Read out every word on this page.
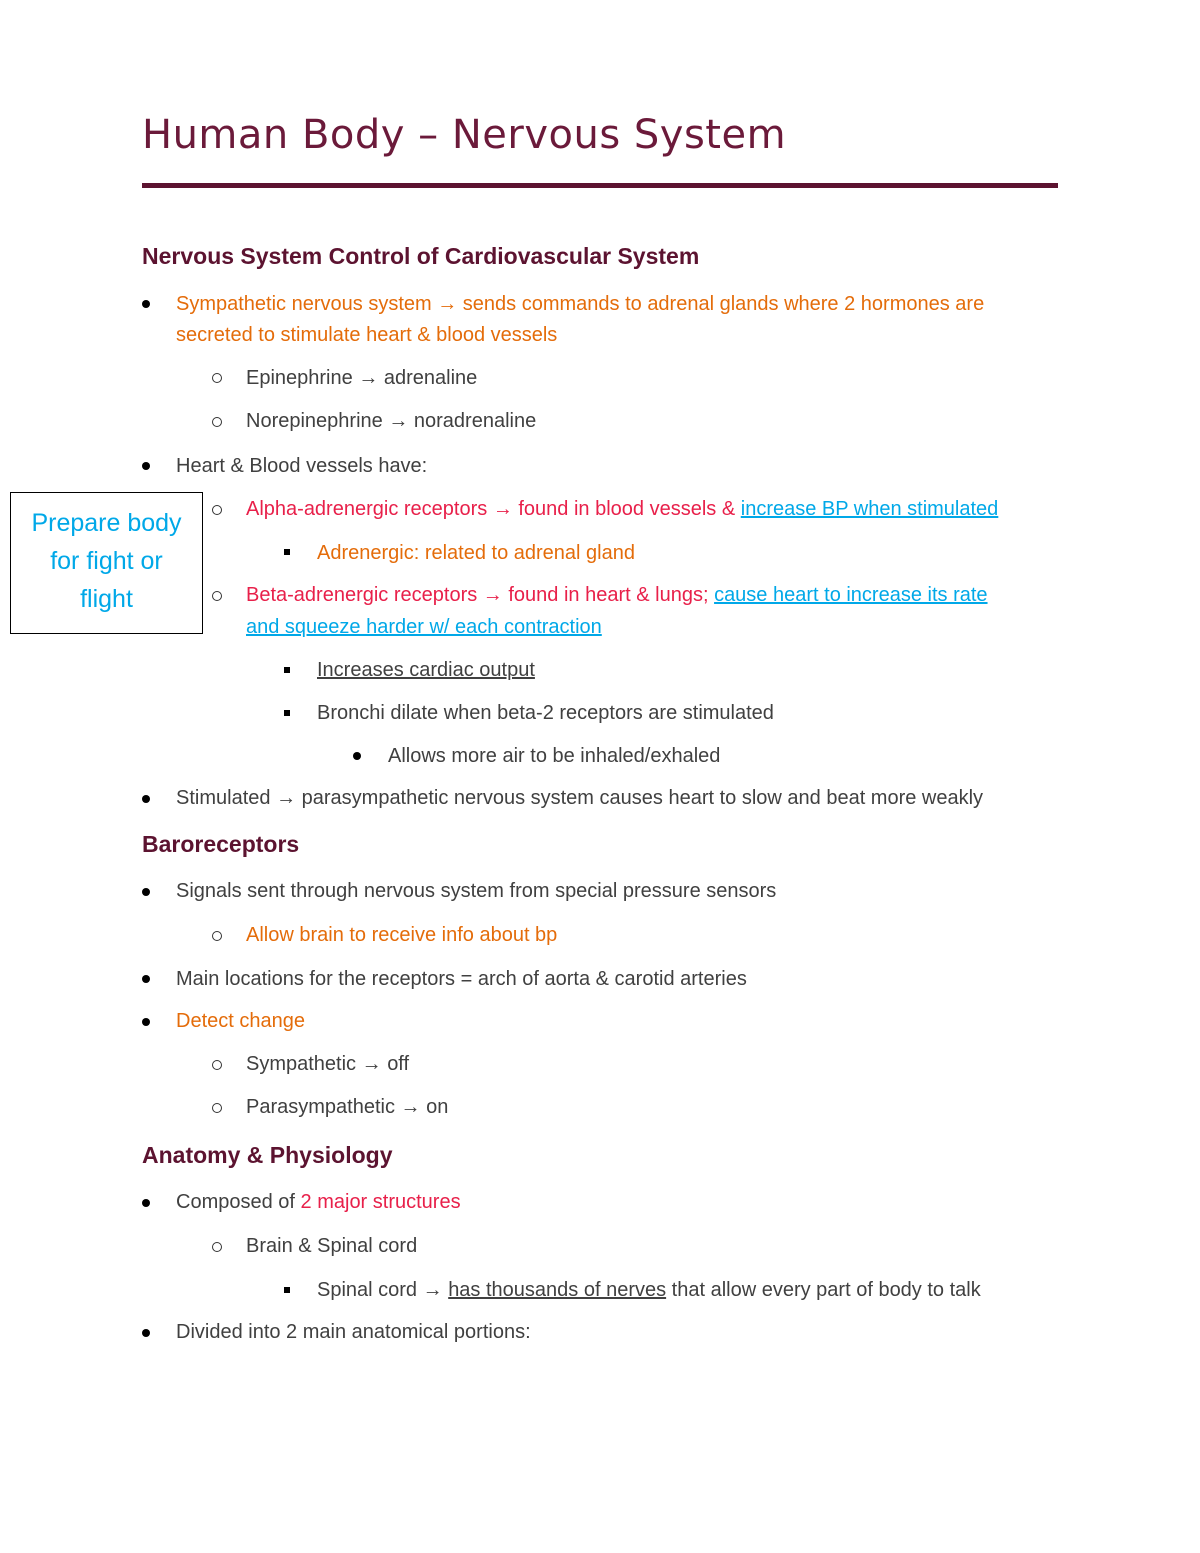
Human Body – Nervous System
Prepare body
for fight or
flight
Nervous System Control of Cardiovascular System
Sympathetic nervous system → sends commands to adrenal glands where 2 hormones are
secreted to stimulate heart & blood vessels
Epinephrine → adrenaline
Norepinephrine → noradrenaline
Heart & Blood vessels have:
Alpha-adrenergic receptors → found in blood vessels & increase BP when stimulated
Adrenergic: related to adrenal gland
Beta-adrenergic receptors → found in heart & lungs; cause heart to increase its rate
and squeeze harder w/ each contraction
Increases cardiac output
Bronchi dilate when beta-2 receptors are stimulated
Allows more air to be inhaled/exhaled
Stimulated → parasympathetic nervous system causes heart to slow and beat more weakly
Baroreceptors
Signals sent through nervous system from special pressure sensors
Allow brain to receive info about bp
Main locations for the receptors = arch of aorta & carotid arteries
Detect change
Sympathetic → off
Parasympathetic → on
Anatomy & Physiology
Composed of 2 major structures
Brain & Spinal cord
Spinal cord → has thousands of nerves that allow every part of body to talk
Divided into 2 main anatomical portions:
